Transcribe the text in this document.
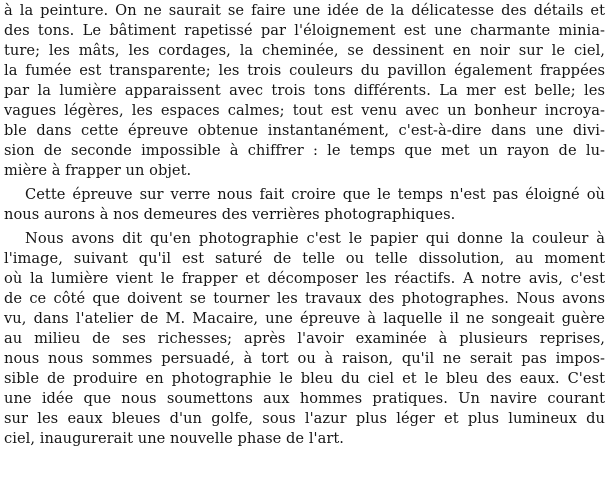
à la peinture. On ne saurait se faire une idée de la délicatesse des détails et
des tons. Le bâtiment rapetissé par l'éloignement est une charmante minia-
ture; les mâts, les cordages, la cheminée, se dessinent en noir sur le ciel,
la fumée est transparente; les trois couleurs du pavillon également frappées
par la lumière apparaissent avec trois tons différents. La mer est belle; les
vagues légères, les espaces calmes; tout est venu avec un bonheur incroya-
ble dans cette épreuve obtenue instantanément, c'est-à-dire dans une divi-
sion de seconde impossible à chiffrer : le temps que met un rayon de lu-
mière à frapper un objet.
Cette épreuve sur verre nous fait croire que le temps n'est pas éloigné où
nous aurons à nos demeures des verrières photographiques.
Nous avons dit qu'en photographie c'est le papier qui donne la couleur à
l'image, suivant qu'il est saturé de telle ou telle dissolution, au moment
où la lumière vient le frapper et décomposer les réactifs. A notre avis, c'est
de ce côté que doivent se tourner les travaux des photographes. Nous avons
vu, dans l'atelier de M. Macaire, une épreuve à laquelle il ne songeait guère
au milieu de ses richesses; après l'avoir examinée à plusieurs reprises,
nous nous sommes persuadé, à tort ou à raison, qu'il ne serait pas impos-
sible de produire en photographie le bleu du ciel et le bleu des eaux. C'est
une idée que nous soumettons aux hommes pratiques. Un navire courant
sur les eaux bleues d'un golfe, sous l'azur plus léger et plus lumineux du
ciel, inaugurerait une nouvelle phase de l'art.
